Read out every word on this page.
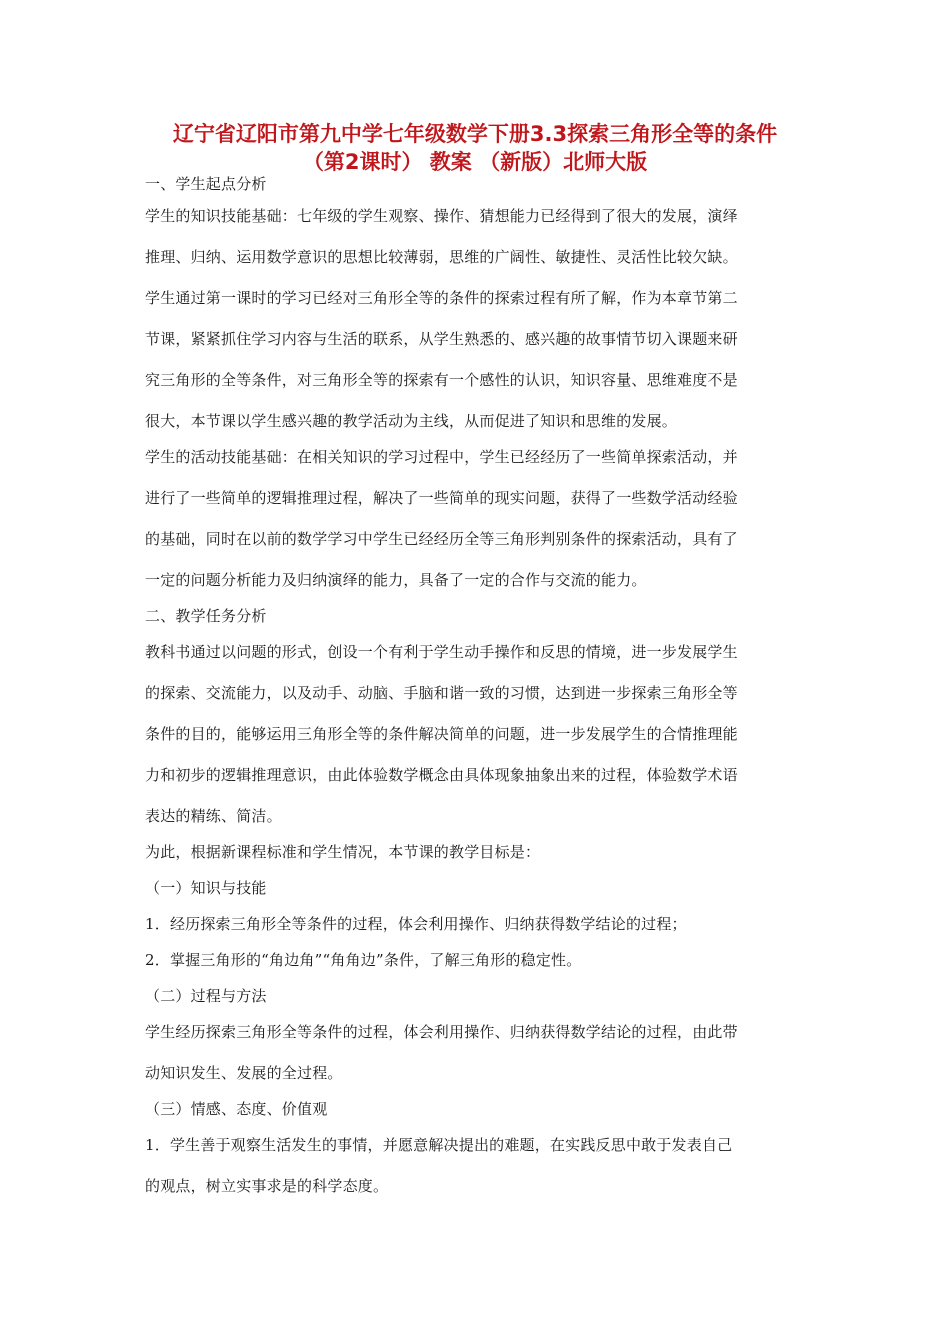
辽宁省辽阳市第九中学七年级数学下册3.3探索三角形全等的条件
（第2课时） 教案 （新版）北师大版
一、学生起点分析
学生的知识技能基础：七年级的学生观察、操作、猜想能力已经得到了很大的发展，演绎
推理、归纳、运用数学意识的思想比较薄弱，思维的广阔性、敏捷性、灵活性比较欠缺。
学生通过第一课时的学习已经对三角形全等的条件的探索过程有所了解，作为本章节第二
节课，紧紧抓住学习内容与生活的联系，从学生熟悉的、感兴趣的故事情节切入课题来研
究三角形的全等条件，对三角形全等的探索有一个感性的认识，知识容量、思维难度不是
很大，本节课以学生感兴趣的教学活动为主线，从而促进了知识和思维的发展。
学生的活动技能基础：在相关知识的学习过程中，学生已经经历了一些简单探索活动，并
进行了一些简单的逻辑推理过程，解决了一些简单的现实问题，获得了一些数学活动经验
的基础，同时在以前的数学学习中学生已经经历全等三角形判别条件的探索活动，具有了
一定的问题分析能力及归纳演绎的能力，具备了一定的合作与交流的能力。
二、教学任务分析
教科书通过以问题的形式，创设一个有利于学生动手操作和反思的情境，进一步发展学生
的探索、交流能力，以及动手、动脑、手脑和谐一致的习惯，达到进一步探索三角形全等
条件的目的，能够运用三角形全等的条件解决简单的问题，进一步发展学生的合情推理能
力和初步的逻辑推理意识，由此体验数学概念由具体现象抽象出来的过程，体验数学术语
表达的精练、简洁。
为此，根据新课程标准和学生情况，本节课的教学目标是：
（一）知识与技能
1．经历探索三角形全等条件的过程，体会利用操作、归纳获得数学结论的过程；
2．掌握三角形的“角边角”“角角边”条件，了解三角形的稳定性。
（二）过程与方法
学生经历探索三角形全等条件的过程，体会利用操作、归纳获得数学结论的过程，由此带
动知识发生、发展的全过程。
（三）情感、态度、价值观
1．学生善于观察生活发生的事情，并愿意解决提出的难题，在实践反思中敢于发表自己
的观点，树立实事求是的科学态度。
